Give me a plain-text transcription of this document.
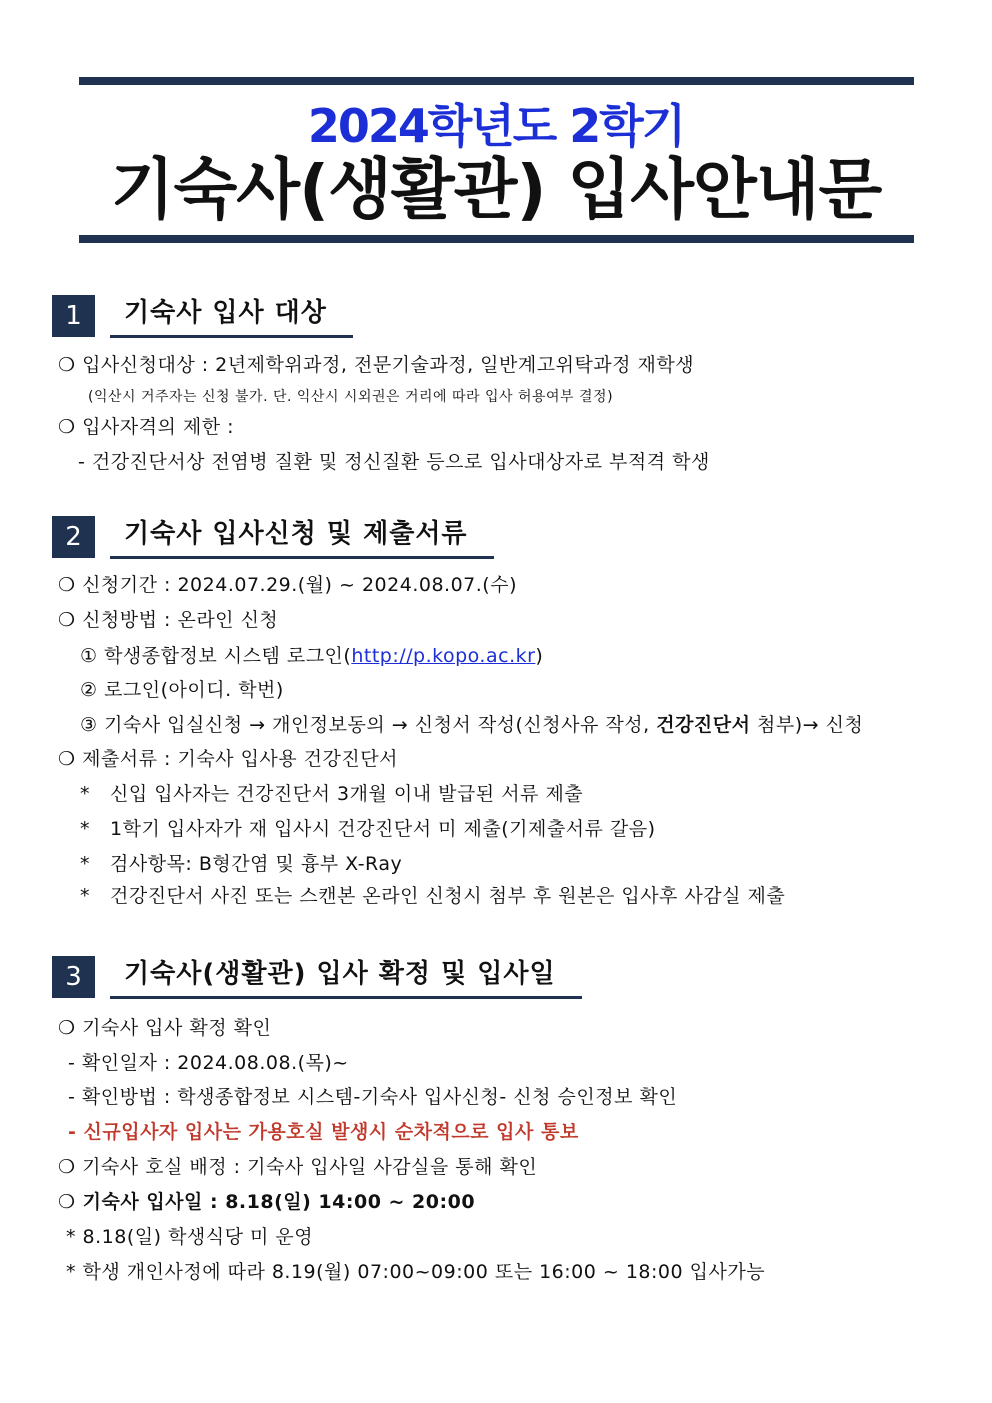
2024학년도 2학기
기숙사(생활관) 입사안내문
1	기숙사 입사 대상
❍ 입사신청대상 : 2년제학위과정, 전문기술과정, 일반계고위탁과정 재학생
(익산시 거주자는 신청 불가. 단. 익산시 시외권은 거리에 따라 입사 허용여부 결정)
❍ 입사자격의 제한 :
- 건강진단서상 전염병 질환 및 정신질환 등으로 입사대상자로 부적격 학생
2	기숙사 입사신청 및 제출서류
❍ 신청기간 : 2024.07.29.(월) ~ 2024.08.07.(수)
❍ 신청방법 : 온라인 신청
① 학생종합정보 시스템 로그인(http://p.kopo.ac.kr)
② 로그인(아이디. 학번)
③ 기숙사 입실신청 → 개인정보동의 → 신청서 작성(신청사유 작성, 건강진단서 첨부)→ 신청
❍ 제출서류 : 기숙사 입사용 건강진단서
* 신입 입사자는 건강진단서 3개월 이내 발급된 서류 제출
* 1학기 입사자가 재 입사시 건강진단서 미 제출(기제출서류 갈음)
* 검사항목: B형간염 및 흉부 X-Ray
* 건강진단서 사진 또는 스캔본 온라인 신청시 첨부 후 원본은 입사후 사감실 제출
3	기숙사(생활관) 입사 확정 및 입사일
❍ 기숙사 입사 확정 확인
- 확인일자 : 2024.08.08.(목)~
- 확인방법 : 학생종합정보 시스템-기숙사 입사신청- 신청 승인정보 확인
- 신규입사자 입사는 가용호실 발생시 순차적으로 입사 통보
❍ 기숙사 호실 배정 : 기숙사 입사일 사감실을 통해 확인
❍ 기숙사 입사일 : 8.18(일) 14:00 ~ 20:00
* 8.18(일) 학생식당 미 운영
* 학생 개인사정에 따라 8.19(월) 07:00~09:00 또는 16:00 ~ 18:00 입사가능
